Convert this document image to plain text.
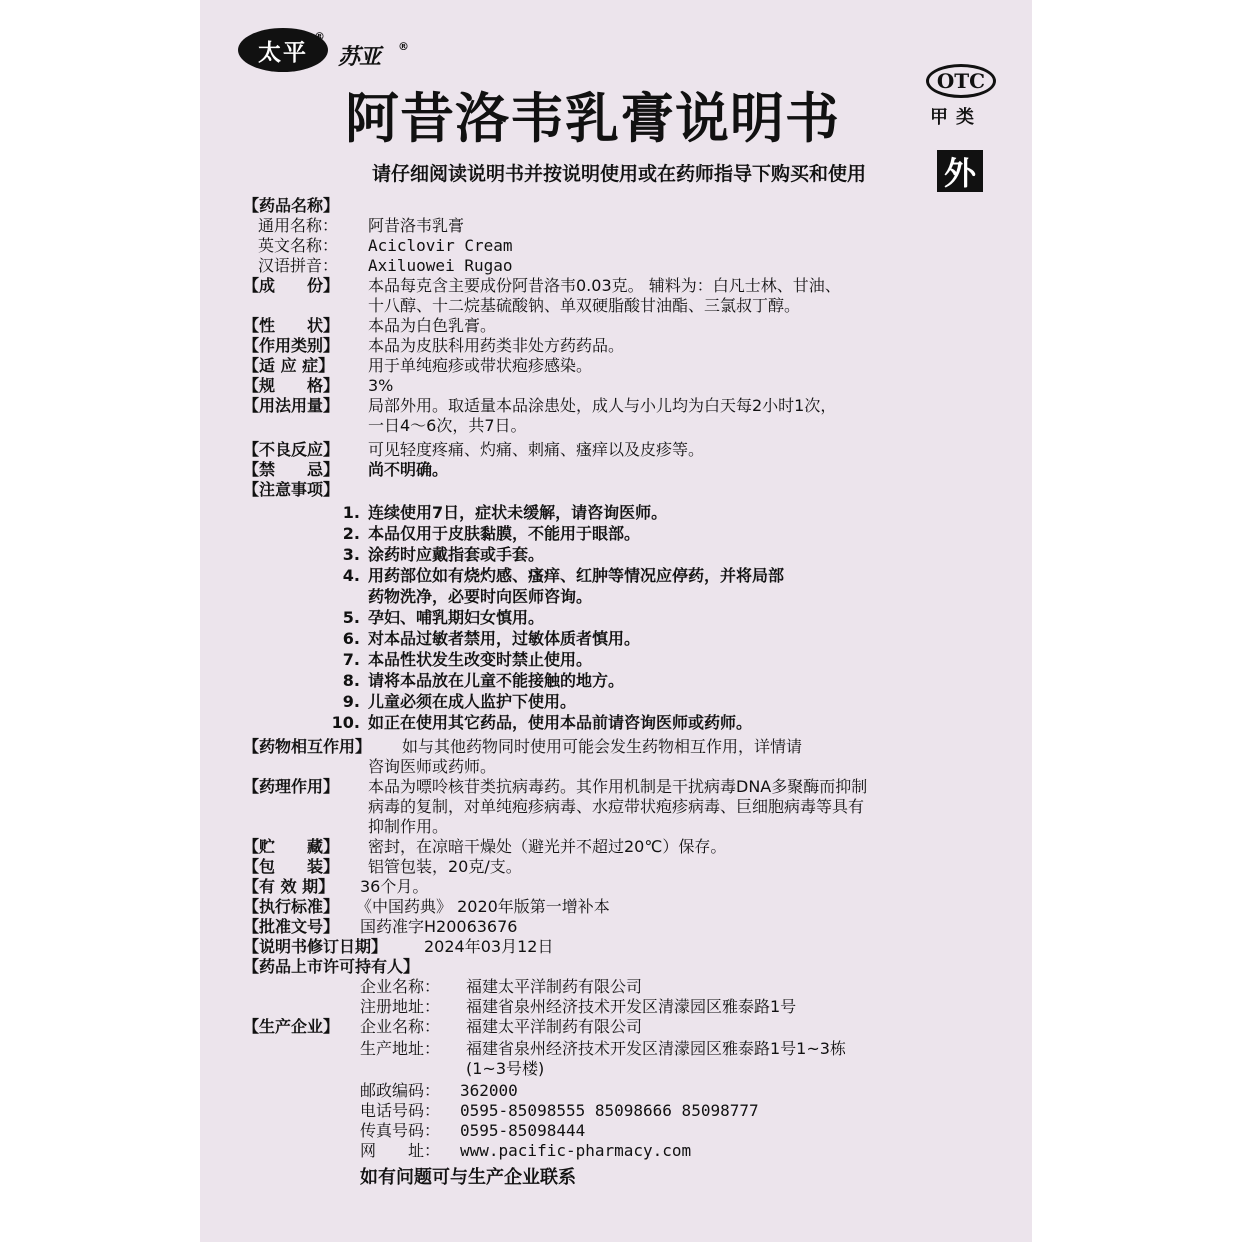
太平
®
苏亚 ®
OTC
甲类
外
阿昔洛韦乳膏说明书
请仔细阅读说明书并按说明使用或在药师指导下购买和使用
【药品名称】
通用名称： 阿昔洛韦乳膏
英文名称： Aciclovir Cream
汉语拼音： Axiluowei Rugao
【成　　份】 本品每克含主要成份阿昔洛韦0.03克。 辅料为：白凡士林、甘油、
十八醇、十二烷基硫酸钠、单双硬脂酸甘油酯、三氯叔丁醇。
【性　　状】 本品为白色乳膏。
【作用类别】 本品为皮肤科用药类非处方药药品。
【适 应 症】 用于单纯疱疹或带状疱疹感染。
【规　　格】 3%
【用法用量】 局部外用。取适量本品涂患处，成人与小儿均为白天每2小时1次，
一日4～6次，共7日。
【不良反应】 可见轻度疼痛、灼痛、刺痛、瘙痒以及皮疹等。
【禁　　忌】 尚不明确。
【注意事项】
1. 连续使用7日，症状未缓解，请咨询医师。
2. 本品仅用于皮肤黏膜，不能用于眼部。
3. 涂药时应戴指套或手套。
4. 用药部位如有烧灼感、瘙痒、红肿等情况应停药，并将局部
药物洗净，必要时向医师咨询。
5. 孕妇、哺乳期妇女慎用。
6. 对本品过敏者禁用，过敏体质者慎用。
7. 本品性状发生改变时禁止使用。
8. 请将本品放在儿童不能接触的地方。
9. 儿童必须在成人监护下使用。
10. 如正在使用其它药品，使用本品前请咨询医师或药师。
【药物相互作用】 如与其他药物同时使用可能会发生药物相互作用，详情请
咨询医师或药师。
【药理作用】 本品为嘌呤核苷类抗病毒药。其作用机制是干扰病毒DNA多聚酶而抑制
病毒的复制，对单纯疱疹病毒、水痘带状疱疹病毒、巨细胞病毒等具有
抑制作用。
【贮　　藏】 密封，在凉暗干燥处（避光并不超过20℃）保存。
【包　　装】 铝管包装，20克/支。
【有 效 期】 36个月。
【执行标准】 《中国药典》 2020年版第一增补本
【批准文号】 国药准字H20063676
【说明书修订日期】 2024年03月12日
【药品上市许可持有人】
企业名称： 福建太平洋制药有限公司
注册地址： 福建省泉州经济技术开发区清濛园区雅泰路1号
【生产企业】 企业名称： 福建太平洋制药有限公司
生产地址： 福建省泉州经济技术开发区清濛园区雅泰路1号1~3栋
(1~3号楼)
邮政编码： 362000
电话号码： 0595-85098555 85098666 85098777
传真号码： 0595-85098444
网　　址： www.pacific-pharmacy.com
如有问题可与生产企业联系
